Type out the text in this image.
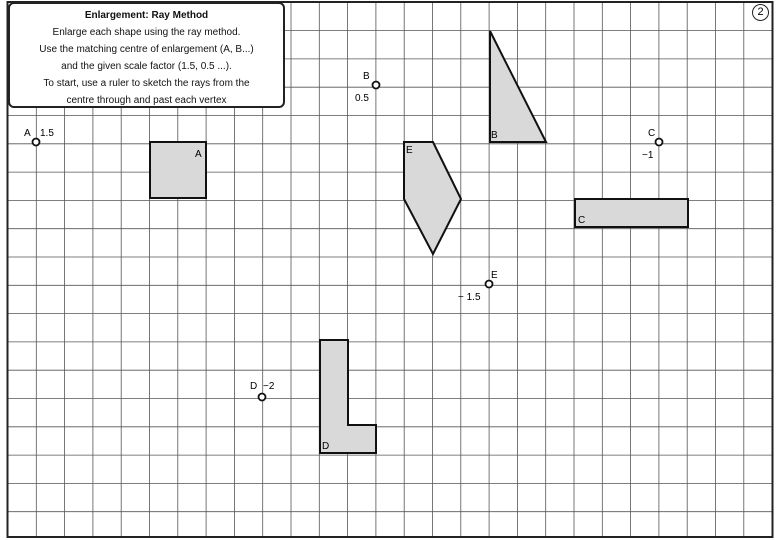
A
B
C
D
E
A 1.5
B
0.5
C
−1
D −2
E
− 1.5
Enlargement: Ray Method
Enlarge each shape using the ray method.
Use the matching centre of enlargement (A, B...)
and the given scale factor (1.5, 0.5 ...).
To start, use a ruler to sketch the rays from the
centre through and past each vertex
2
